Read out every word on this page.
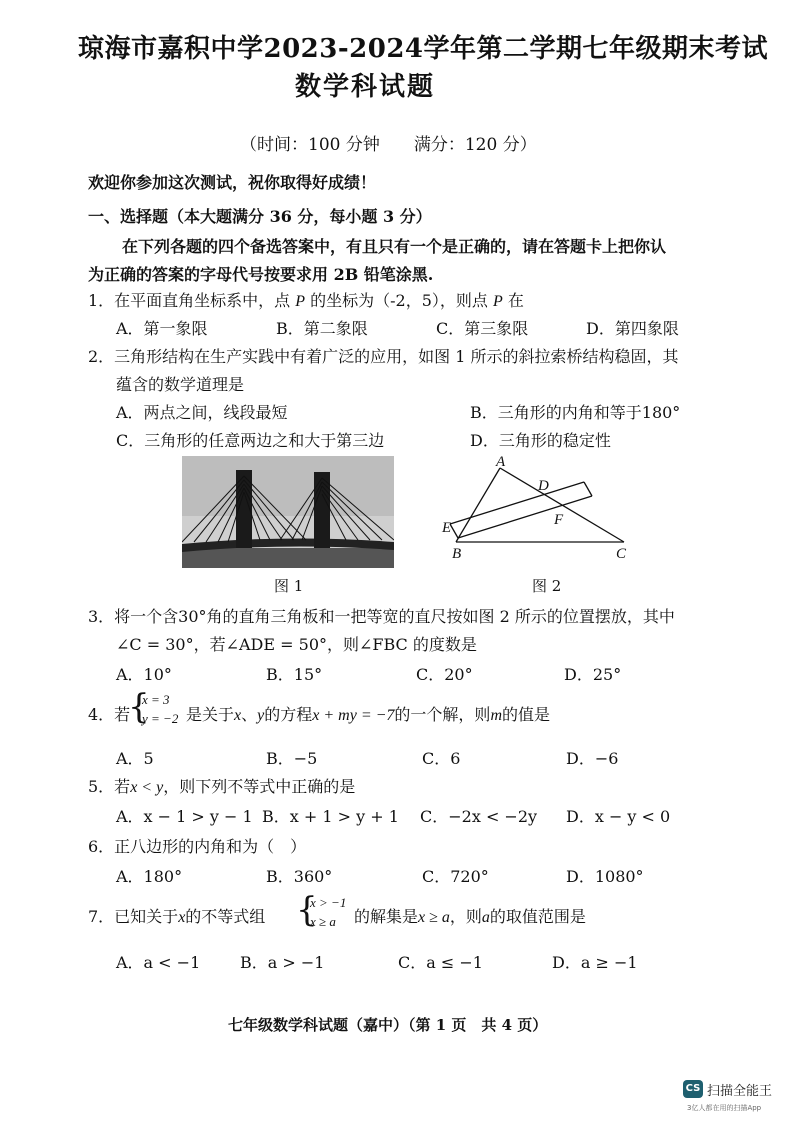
琼海市嘉积中学2023-2024学年第二学期七年级期末考试
数学科试题
（时间：100 分钟　　满分：120 分）
欢迎你参加这次测试，祝你取得好成绩！
一、选择题（本大题满分 36 分，每小题 3 分）
在下列各题的四个备选答案中，有且只有一个是正确的，请在答题卡上把你认
为正确的答案的字母代号按要求用 2B 铅笔涂黑.
1．在平面直角坐标系中，点 P 的坐标为（-2，5），则点 P 在
A．第一象限	B．第二象限	C．第三象限	D．第四象限
2．三角形结构在生产实践中有着广泛的应用，如图 1 所示的斜拉索桥结构稳固，其
蕴含的数学道理是
A．两点之间，线段最短	B．三角形的内角和等于180°
C．三角形的任意两边之和大于第三边	D．三角形的稳定性
图 1
A
D
E	F
B	C
图 2
3．将一个含30°角的直角三角板和一把等宽的直尺按如图 2 所示的位置摆放，其中
∠C = 30°，若∠ADE = 50°，则∠FBC 的度数是
A．10°	B．15°	C．20°	D．25°
4．若
{
x = 3
y = −2 是关于x、y的方程x + my = −7的一个解，则m的值是
A．5	B．−5	C．6	D．−6
5．若x < y，则下列不等式中正确的是
A．x − 1 > y − 1 B．x + 1 > y + 1 C．−2x < −2y D．x − y < 0
6．正八边形的内角和为（　）
A．180°	B．360°	C．720°	D．1080°
7．已知关于x的不等式组 {
x > −1
x ≥ a 的解集是x ≥ a，则a的取值范围是
A．a < −1 B．a > −1	C．a ≤ −1	D．a ≥ −1
七年级数学科试题（嘉中）（第 1 页　共 4 页）
CS 扫描全能王
3亿人都在用的扫描App
